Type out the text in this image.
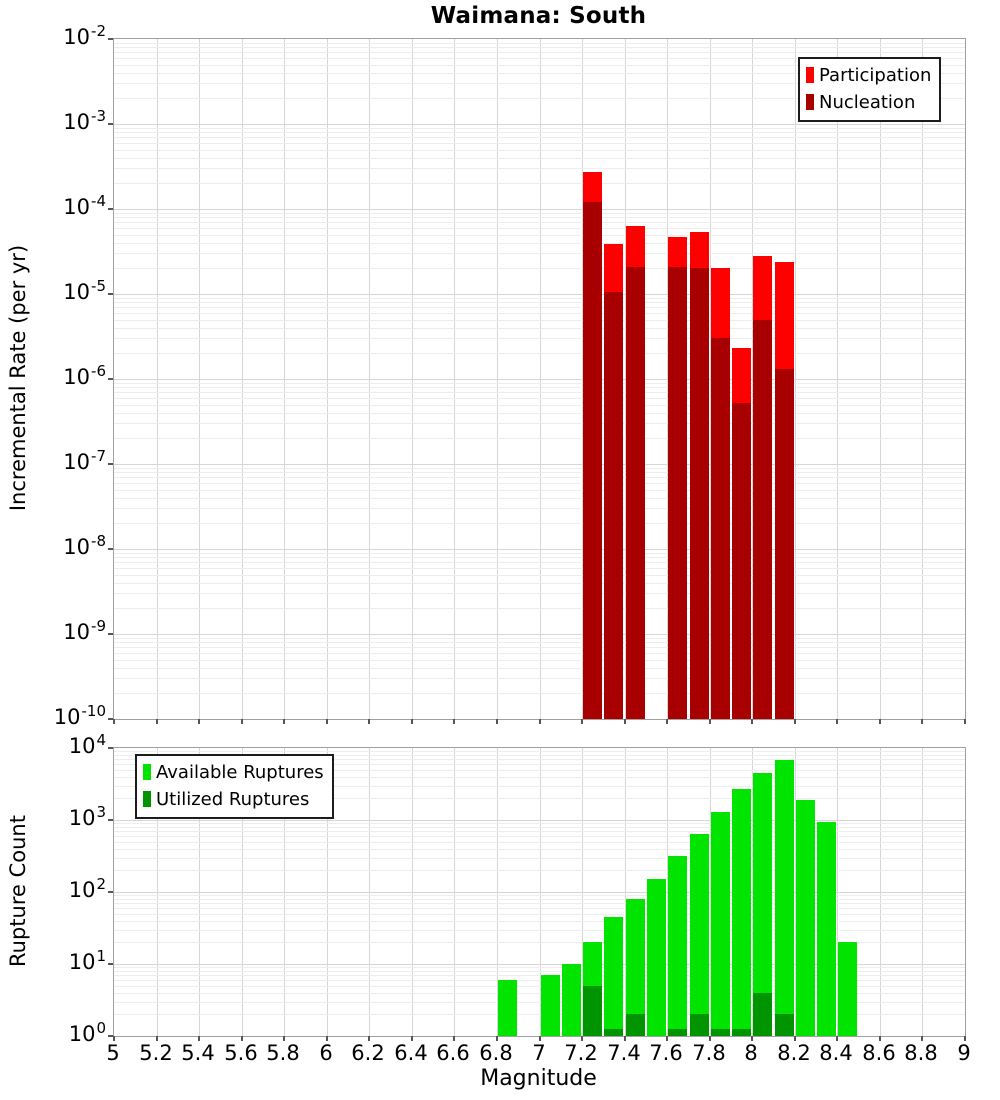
Waimana: South
Incremental Rate (per yr)
Rupture Count
Participation
Nucleation
Available Ruptures
Utilized Ruptures
$10^{-2}$
$10^{-3}$
$10^{-4}$
$10^{-5}$
$10^{-6}$
$10^{-7}$
$10^{-8}$
$10^{-9}$
$10^{-10}$
$10^4$
$10^3$
$10^2$
$10^1$
$10^0$
5 5.2 5.4 5.6 5.8 6 6.2 6.4 6.6 6.8 7 7.2 7.4 7.6 7.8 8 8.2 8.4 8.6 8.8 9
Magnitude
